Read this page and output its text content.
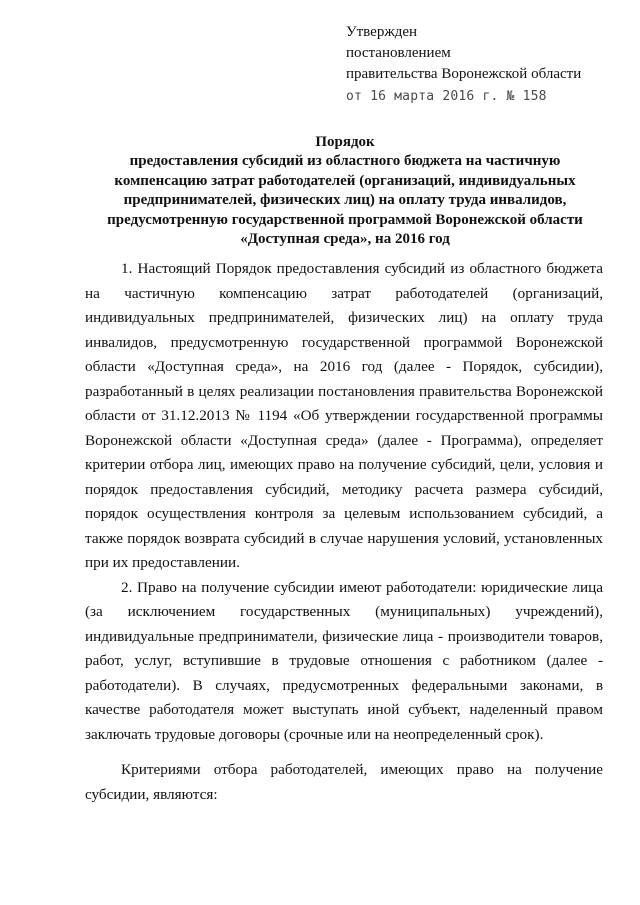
Утвержден
постановлением
правительства Воронежской области
от 16 марта 2016 г. № 158
Порядок
предоставления субсидий из областного бюджета на частичную
компенсацию затрат работодателей (организаций, индивидуальных
предпринимателей, физических лиц) на оплату труда инвалидов,
предусмотренную государственной программой Воронежской области
«Доступная среда», на 2016 год

1. Настоящий Порядок предоставления субсидий из областного бюджета на частичную компенсацию затрат работодателей (организаций, индивидуальных предпринимателей, физических лиц) на оплату труда инвалидов, предусмотренную государственной программой Воронежской области «Доступная среда», на 2016 год (далее - Порядок, субсидии), разработанный в целях реализации постановления правительства Воронежской области от 31.12.2013 № 1194 «Об утверждении государственной программы Воронежской области «Доступная среда» (далее - Программа), определяет критерии отбора лиц, имеющих право на получение субсидий, цели, условия и порядок предоставления субсидий, методику расчета размера субсидий, порядок осуществления контроля за целевым использованием субсидий, а также порядок возврата субсидий в случае нарушения условий, установленных при их предоставлении.

2. Право на получение субсидии имеют работодатели: юридические лица (за исключением государственных (муниципальных) учреждений), индивидуальные предприниматели, физические лица - производители товаров, работ, услуг, вступившие в трудовые отношения с работником (далее - работодатели). В случаях, предусмотренных федеральными законами, в качестве работодателя может выступать иной субъект, наделенный правом заключать трудовые договоры (срочные или на неопределенный срок).

Критериями отбора работодателей, имеющих право на получение субсидии, являются:
